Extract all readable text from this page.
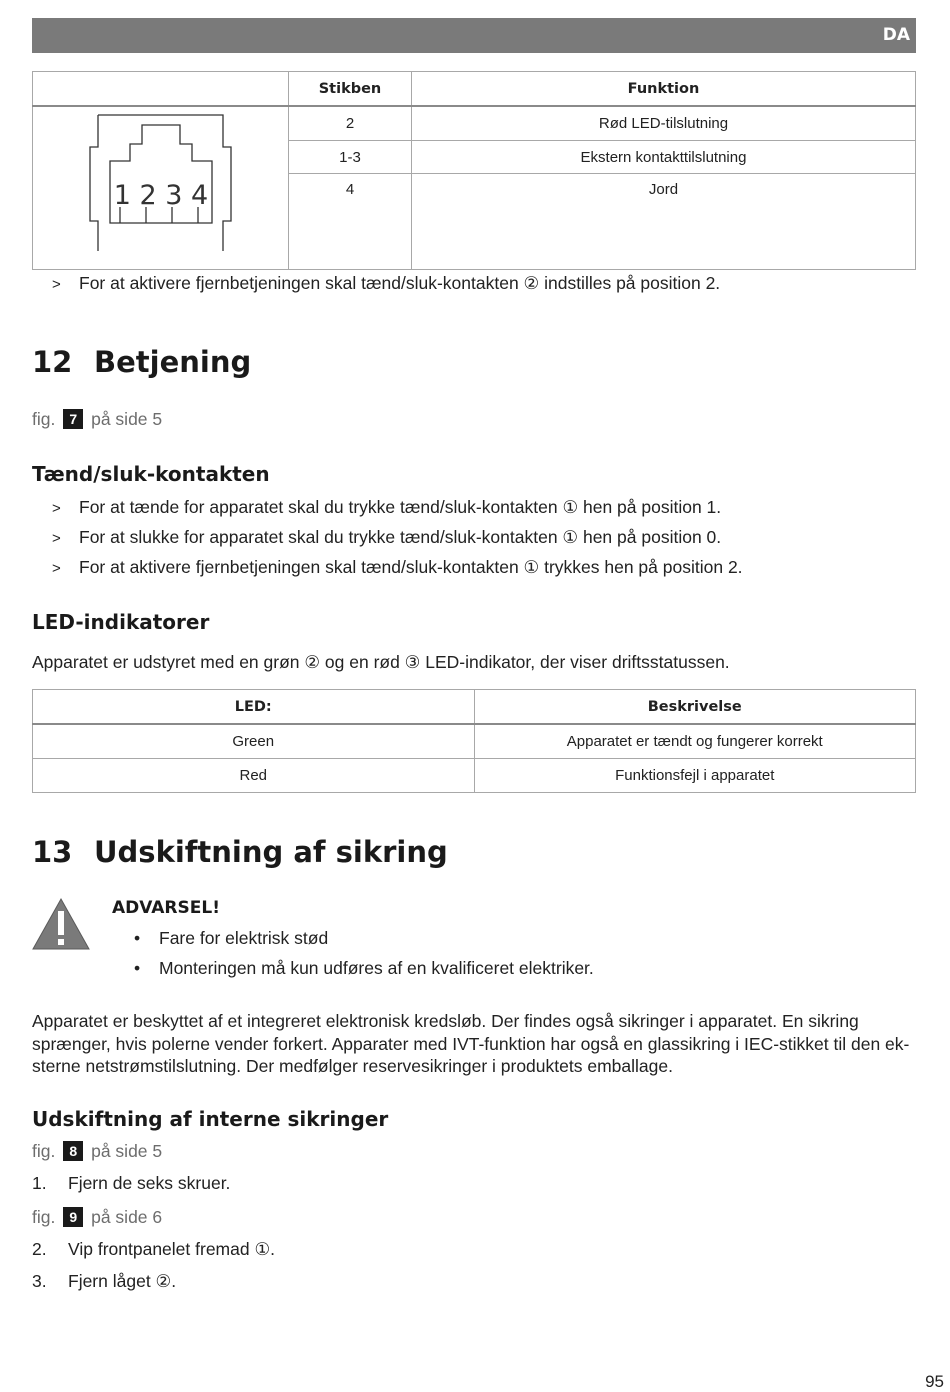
DA
	Stikben	Funktion

1 2 3 4	2	Rød LED-tilslutning
	1-3	Ekstern kontakttilslutning
	4	Jord
> For at aktivere fjernbetjeningen skal tænd/sluk-kontakten ② indstilles på position 2.
12 Betjening
fig. 7 på side 5
Tænd/sluk-kontakten
> For at tænde for apparatet skal du trykke tænd/sluk-kontakten ① hen på position 1.
> For at slukke for apparatet skal du trykke tænd/sluk-kontakten ① hen på position 0.
> For at aktivere fjernbetjeningen skal tænd/sluk-kontakten ① trykkes hen på position 2.
LED-indikatorer
Apparatet er udstyret med en grøn ② og en rød ③ LED-indikator, der viser driftsstatussen.
LED:	Beskrivelse
Green	Apparatet er tændt og fungerer korrekt
Red	Funktionsfejl i apparatet
13 Udskiftning af sikring
ADVARSEL!
• Fare for elektrisk stød
• Monteringen må kun udføres af en kvalificeret elektriker.
Apparatet er beskyttet af et integreret elektronisk kredsløb. Der findes også sikringer i apparatet. En sikring
sprænger, hvis polerne vender forkert. Apparater med IVT-funktion har også en glassikring i IEC-stikket til den ek-
sterne netstrømstilslutning. Der medfølger reservesikringer i produktets emballage.
Udskiftning af interne sikringer
fig. 8 på side 5
1. Fjern de seks skruer.
fig. 9 på side 6
2. Vip frontpanelet fremad ①.
3. Fjern låget ②.
95
